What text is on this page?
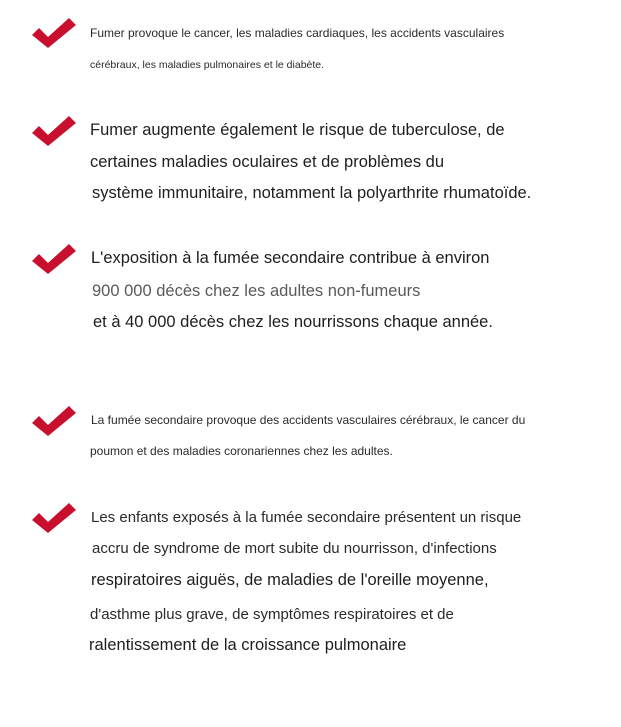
Fumer provoque le cancer, les maladies cardiaques, les accidents vasculaires
cérébraux, les maladies pulmonaires et le diabète.
Fumer augmente également le risque de tuberculose, de
certaines maladies oculaires et de problèmes du
système immunitaire, notamment la polyarthrite rhumatoïde.
L'exposition à la fumée secondaire contribue à environ
900 000 décès chez les adultes non-fumeurs
et à 40 000 décès chez les nourrissons chaque année.
La fumée secondaire provoque des accidents vasculaires cérébraux, le cancer du
poumon et des maladies coronariennes chez les adultes.
Les enfants exposés à la fumée secondaire présentent un risque
accru de syndrome de mort subite du nourrisson, d'infections
respiratoires aiguës, de maladies de l'oreille moyenne,
d'asthme plus grave, de symptômes respiratoires et de
ralentissement de la croissance pulmonaire
